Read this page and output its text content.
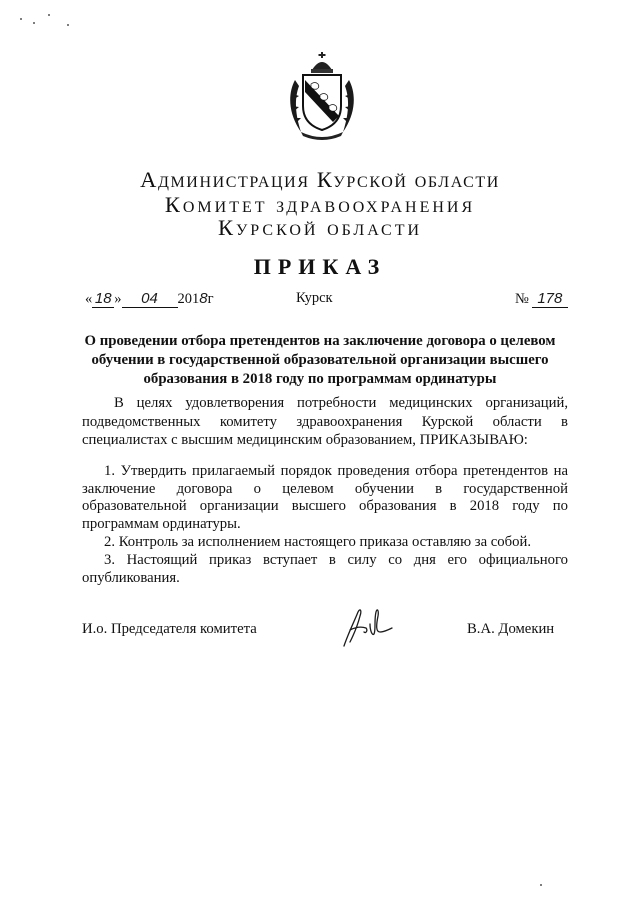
Администрация Курской области
Комитет здравоохранения
Курской области
ПРИКАЗ
« 18 » 04 2018г	Курск	№ 178
О проведении отбора претендентов на заключение договора о целевом обучении в государственной образовательной организации высшего образования в 2018 году по программам ординатуры
В целях удовлетворения потребности медицинских организаций, подведомственных комитету здравоохранения Курской области в специалистах с высшим медицинским образованием, ПРИКАЗЫВАЮ:
1. Утвердить прилагаемый порядок проведения отбора претендентов на заключение договора о целевом обучении в государственной образовательной организации высшего образования в 2018 году по программам ординатуры.
2. Контроль за исполнением настоящего приказа оставляю за собой.
3. Настоящий приказ вступает в силу со дня его официального опубликования.
И.о. Председателя комитета	В.А. Домекин
